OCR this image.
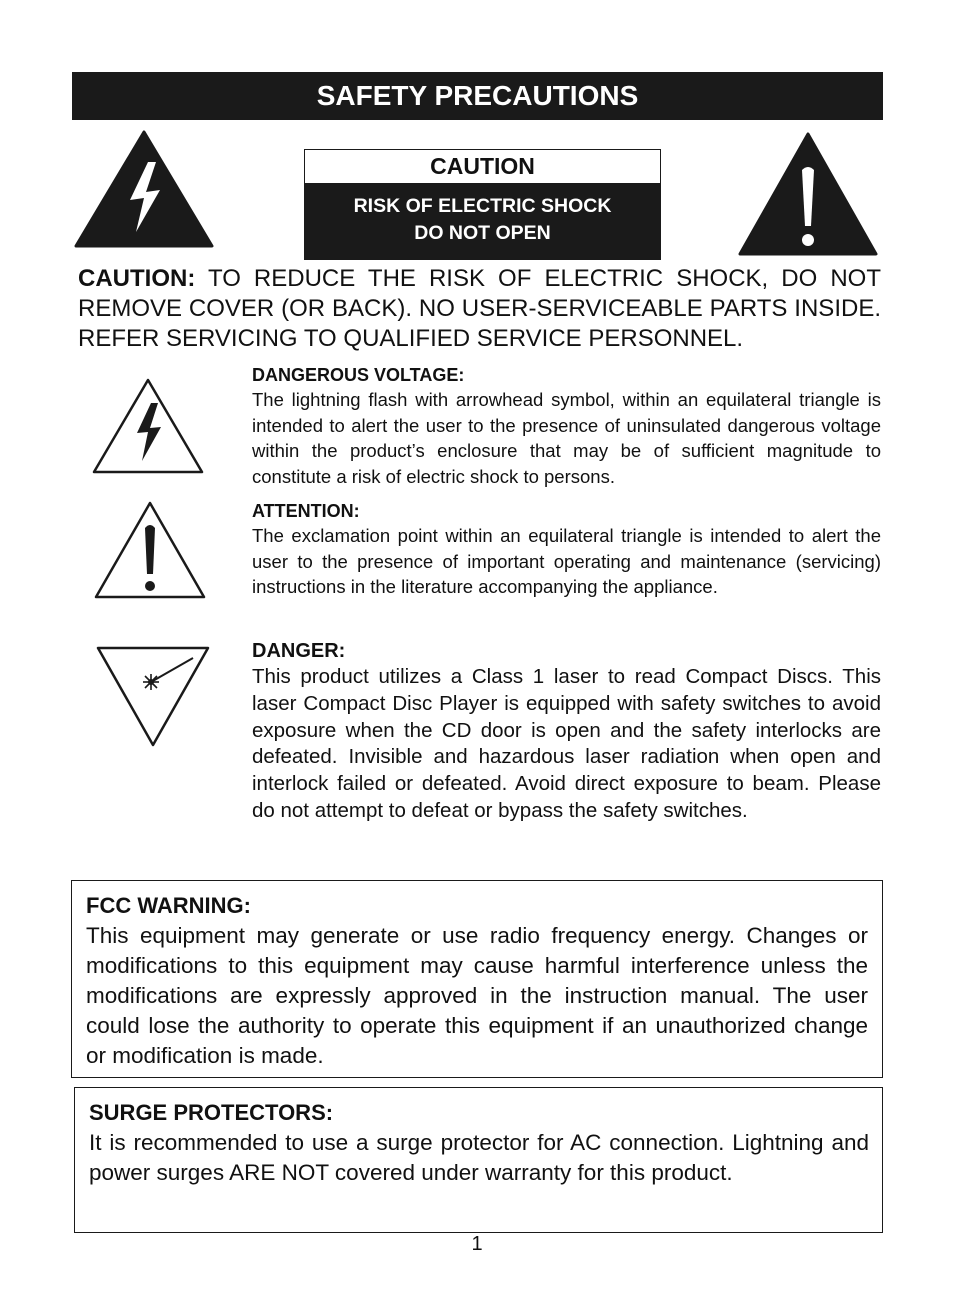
SAFETY PRECAUTIONS
CAUTION
RISK OF ELECTRIC SHOCK
DO NOT OPEN
CAUTION: TO REDUCE THE RISK OF ELECTRIC SHOCK, DO NOT REMOVE COVER (OR BACK). NO USER-SERVICEABLE PARTS INSIDE. REFER SERVICING TO QUALIFIED SERVICE PERSONNEL.
DANGEROUS VOLTAGE:
The lightning flash with arrowhead symbol, within an equilateral triangle is intended to alert the user to the presence of uninsulated dangerous voltage within the product’s enclosure that may be of sufficient magnitude to constitute a risk of electric shock to persons.
ATTENTION:
The exclamation point within an equilateral triangle is intended to alert the user to the presence of important operating and maintenance (servicing) instructions in the literature accompanying the appliance.
DANGER:
This product utilizes a Class 1 laser to read Compact Discs. This laser Compact Disc Player is equipped with safety switches to avoid exposure when the CD door is open and the safety interlocks are defeated. Invisible and hazardous laser radiation when open and interlock failed or defeated. Avoid direct exposure to beam. Please do not attempt to defeat or bypass the safety switches.
FCC WARNING:
This equipment may generate or use radio frequency energy. Changes or modifications to this equipment may cause harmful interference unless the modifications are expressly approved in the instruction manual. The user could lose the authority to operate this equipment if an unauthorized change or modification is made.
SURGE PROTECTORS:
It is recommended to use a surge protector for AC connection. Lightning and power surges ARE NOT covered under warranty for this product.
1
